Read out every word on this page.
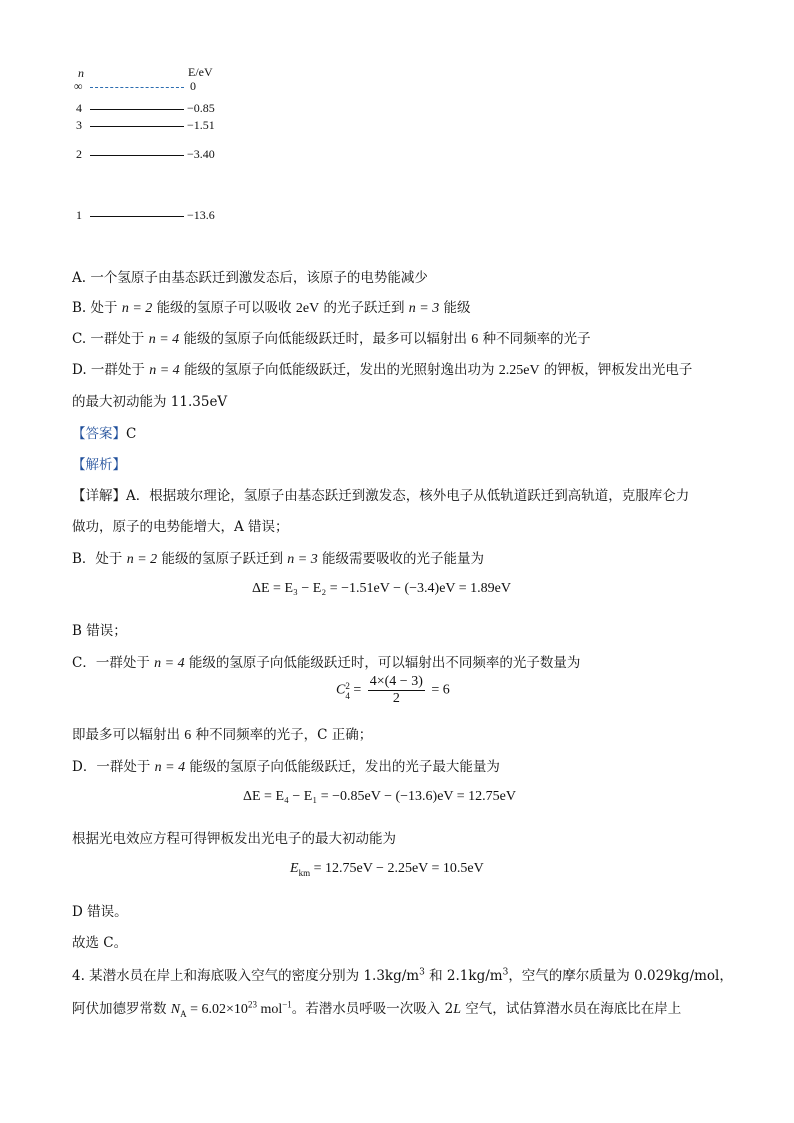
n	E/eV
∞	0
4	−0.85
3	−1.51
2	−3.40
1	−13.6
A. 一个氢原子由基态跃迁到激发态后，该原子的电势能减少
B. 处于 n = 2 能级的氢原子可以吸收 2eV 的光子跃迁到 n = 3 能级
C. 一群处于 n = 4 能级的氢原子向低能级跃迁时，最多可以辐射出 6 种不同频率的光子
D. 一群处于 n = 4 能级的氢原子向低能级跃迁，发出的光照射逸出功为 2.25eV 的钾板，钾板发出光电子
的最大初动能为 11.35eV
【答案】C
【解析】
【详解】A．根据玻尔理论，氢原子由基态跃迁到激发态，核外电子从低轨道跃迁到高轨道，克服库仑力
做功，原子的电势能增大，A 错误；
B．处于 n = 2 能级的氢原子跃迁到 n = 3 能级需要吸收的光子能量为
ΔE = E₃ − E₂ = −1.51eV − (−3.4)eV = 1.89eV
B 错误；
C．一群处于 n = 4 能级的氢原子向低能级跃迁时，可以辐射出不同频率的光子数量为
C 2
$4 = \frac{4\times(4 - 3)}{2} = 6$
即最多可以辐射出 6 种不同频率的光子，C 正确；
D．一群处于 n = 4 能级的氢原子向低能级跃迁，发出的光子最大能量为
ΔE = E₄ − E₁ = −0.85eV − (−13.6)eV = 12.75eV
根据光电效应方程可得钾板发出光电子的最大初动能为
$E_{km} = 12.75eV - 2.25eV = 10.5eV$
D 错误。
故选 C。
4. 某潜水员在岸上和海底吸入空气的密度分别为 $1.3kg/m^3$ 和 $2.1kg/m^3$，空气的摩尔质量为 0.029kg/mol，
阿伏加德罗常数 $N_A = 6.02\times 10^{23}$ mol$^{-1}$。若潜水员呼吸一次吸入 2L 空气，试估算潜水员在海底比在岸上
